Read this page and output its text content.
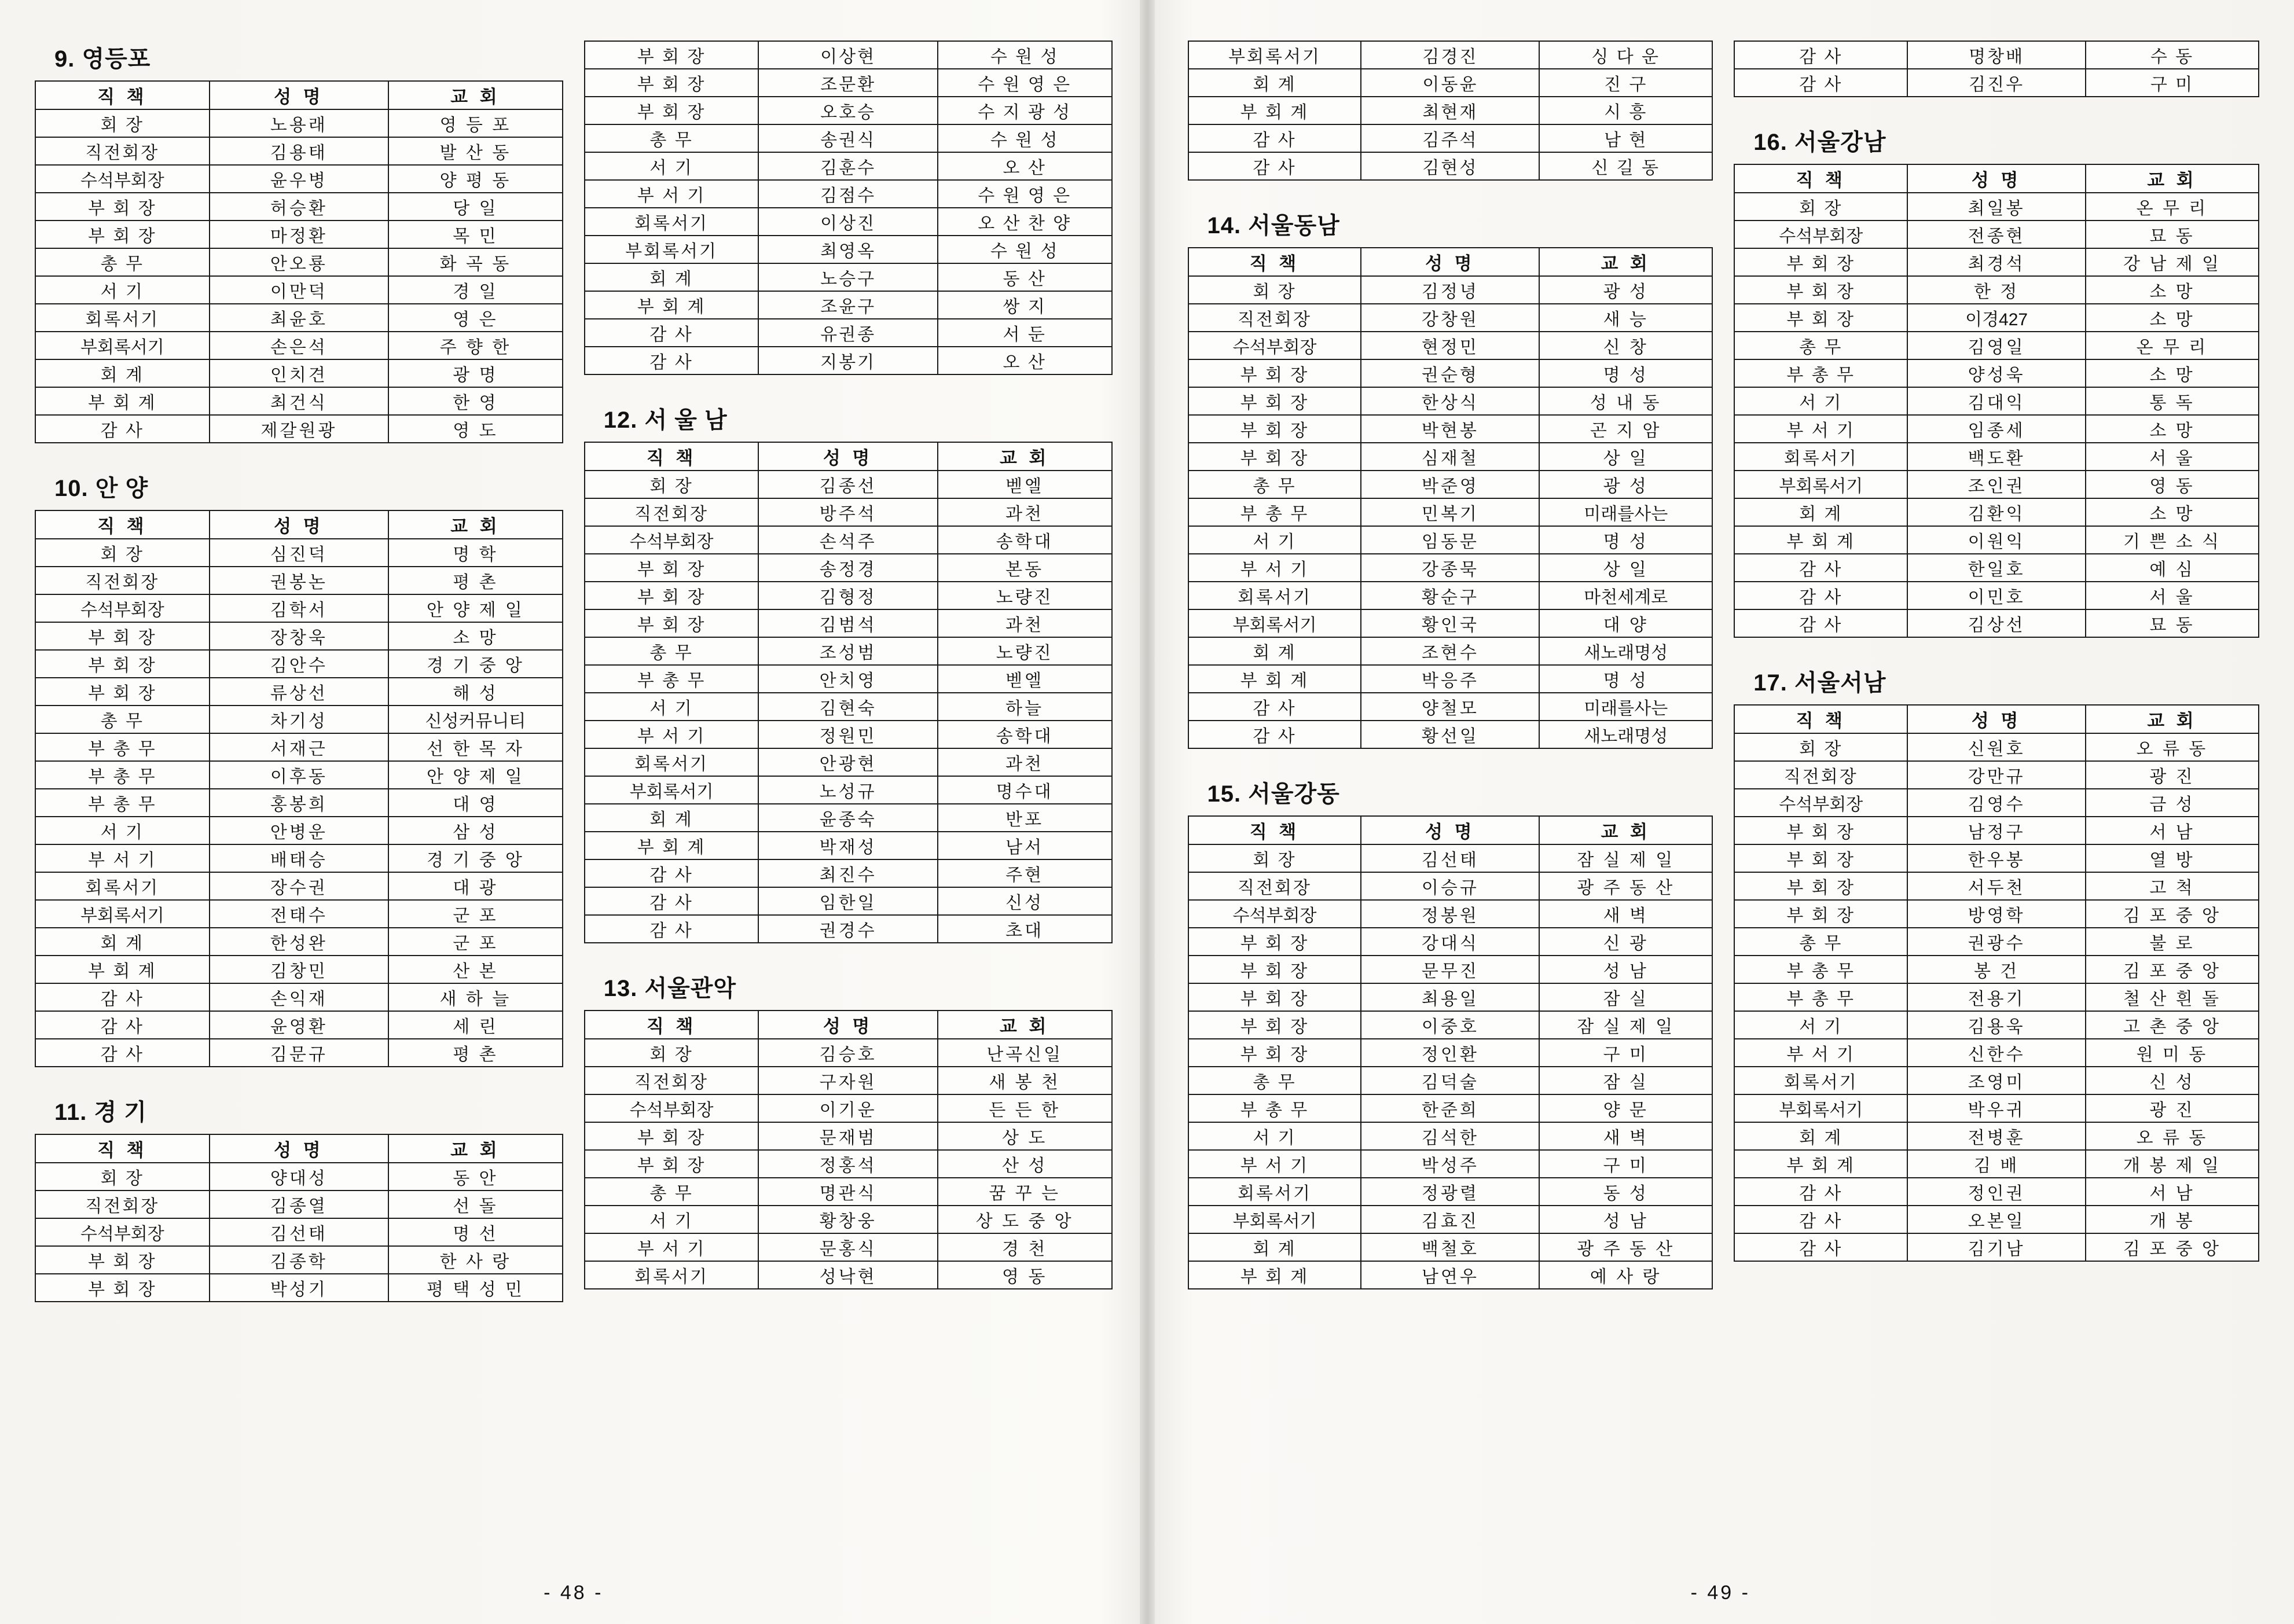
9. 영등포
직 책	성 명	교 회
회 장	노용래	영 등 포
직전회장	김용태	발 산 동
수석부회장	윤우병	양 평 동
부 회 장	허승환	당 일
부 회 장	마정환	목 민
총 무	안오룡	화 곡 동
서 기	이만덕	경 일
회록서기	최윤호	영 은
부회록서기	손은석	주 향 한
회 계	인치견	광 명
부 회 계	최건식	한 영
감 사	제갈원광	영 도
10. 안 양
직 책	성 명	교 회
회 장	심진덕	명 학
직전회장	권봉논	평 촌
수석부회장	김학서	안 양 제 일
부 회 장	장창욱	소 망
부 회 장	김안수	경 기 중 앙
부 회 장	류상선	해 성
총 무	차기성	신성커뮤니티
부 총 무	서재근	선 한 목 자
부 총 무	이후동	안 양 제 일
부 총 무	홍봉희	대 영
서 기	안병운	삼 성
부 서 기	배태승	경 기 중 앙
회록서기	장수권	대 광
부회록서기	전태수	군 포
회 계	한성완	군 포
부 회 계	김창민	산 본
감 사	손익재	새 하 늘
감 사	윤영환	세 린
감 사	김문규	평 촌
11. 경 기
직 책	성 명	교 회
회 장	양대성	동 안
직전회장	김종열	선 돌
수석부회장	김선태	명 선
부 회 장	김종학	한 사 랑
부 회 장	박성기	평 택 성 민
부 회 장	이상현	수 원 성
부 회 장	조문환	수 원 영 은
부 회 장	오호승	수 지 광 성
총 무	송권식	수 원 성
서 기	김훈수	오 산
부 서 기	김점수	수 원 영 은
회록서기	이상진	오 산 찬 양
부회록서기	최영옥	수 원 성
회 계	노승구	동 산
부 회 계	조윤구	쌍 지
감 사	유권종	서 둔
감 사	지봉기	오 산
12. 서 울 남
직 책	성 명	교 회
회 장	김종선	벧엘
직전회장	방주석	과천
수석부회장	손석주	송학대
부 회 장	송정경	본동
부 회 장	김형정	노량진
부 회 장	김범석	과천
총 무	조성범	노량진
부 총 무	안치영	벧엘
서 기	김현숙	하늘
부 서 기	정원민	송학대
회록서기	안광현	과천
부회록서기	노성규	명수대
회 계	윤종숙	반포
부 회 계	박재성	남서
감 사	최진수	주현
감 사	임한일	신성
감 사	권경수	초대
13. 서울관악
직 책	성 명	교 회
회 장	김승호	난곡신일
직전회장	구자원	새 봉 천
수석부회장	이기운	든 든 한
부 회 장	문재범	상 도
부 회 장	정홍석	산 성
총 무	명관식	꿈 꾸 는
서 기	황창웅	상 도 중 앙
부 서 기	문홍식	경 천
회록서기	성낙현	영 동
- 48 -
부회록서기	김경진	싱 다 운
회 계	이동윤	진 구
부 회 계	최현재	시 흥
감 사	김주석	남 현
감 사	김현성	신 길 동
14. 서울동남
직 책	성 명	교 회
회 장	김정녕	광 성
직전회장	강창원	새 능
수석부회장	현정민	신 창
부 회 장	권순형	명 성
부 회 장	한상식	성 내 동
부 회 장	박현봉	곤 지 암
부 회 장	심재철	상 일
총 무	박준영	광 성
부 총 무	민복기	미래를사는
서 기	임동문	명 성
부 서 기	강종묵	상 일
회록서기	황순구	마천세계로
부회록서기	황인국	대 양
회 계	조현수	새노래명성
부 회 계	박응주	명 성
감 사	양철모	미래를사는
감 사	황선일	새노래명성
15. 서울강동
직 책	성 명	교 회
회 장	김선태	잠 실 제 일
직전회장	이승규	광 주 동 산
수석부회장	정봉원	새 벽
부 회 장	강대식	신 광
부 회 장	문무진	성 남
부 회 장	최용일	잠 실
부 회 장	이중호	잠 실 제 일
부 회 장	정인환	구 미
총 무	김덕술	잠 실
부 총 무	한준희	양 문
서 기	김석한	새 벽
부 서 기	박성주	구 미
회록서기	정광렬	동 성
부회록서기	김효진	성 남
회 계	백철호	광 주 동 산
부 회 계	남연우	예 사 랑
감 사	명창배	수 동
감 사	김진우	구 미
16. 서울강남
직 책	성 명	교 회
회 장	최일봉	온 무 리
수석부회장	전종현	묘 동
부 회 장	최경석	강 남 제 일
부 회 장	한 정	소 망
부 회 장	이경427	소 망
총 무	김영일	온 무 리
부 총 무	양성욱	소 망
서 기	김대익	통 독
부 서 기	임종세	소 망
회록서기	백도환	서 울
부회록서기	조인권	영 동
회 계	김환익	소 망
부 회 계	이원익	기 쁜 소 식
감 사	한일호	예 심
감 사	이민호	서 울
감 사	김상선	묘 동
17. 서울서남
직 책	성 명	교 회
회 장	신원호	오 류 동
직전회장	강만규	광 진
수석부회장	김영수	금 성
부 회 장	남정구	서 남
부 회 장	한우봉	열 방
부 회 장	서두천	고 척
부 회 장	방영학	김 포 중 앙
총 무	권광수	불 로
부 총 무	봉 건	김 포 중 앙
부 총 무	전용기	철 산 흰 돌
서 기	김용욱	고 촌 중 앙
부 서 기	신한수	원 미 동
회록서기	조영미	신 성
부회록서기	박우귀	광 진
회 계	전병훈	오 류 동
부 회 계	김 배	개 봉 제 일
감 사	정인권	서 남
감 사	오본일	개 봉
감 사	김기남	김 포 중 앙
- 49 -
